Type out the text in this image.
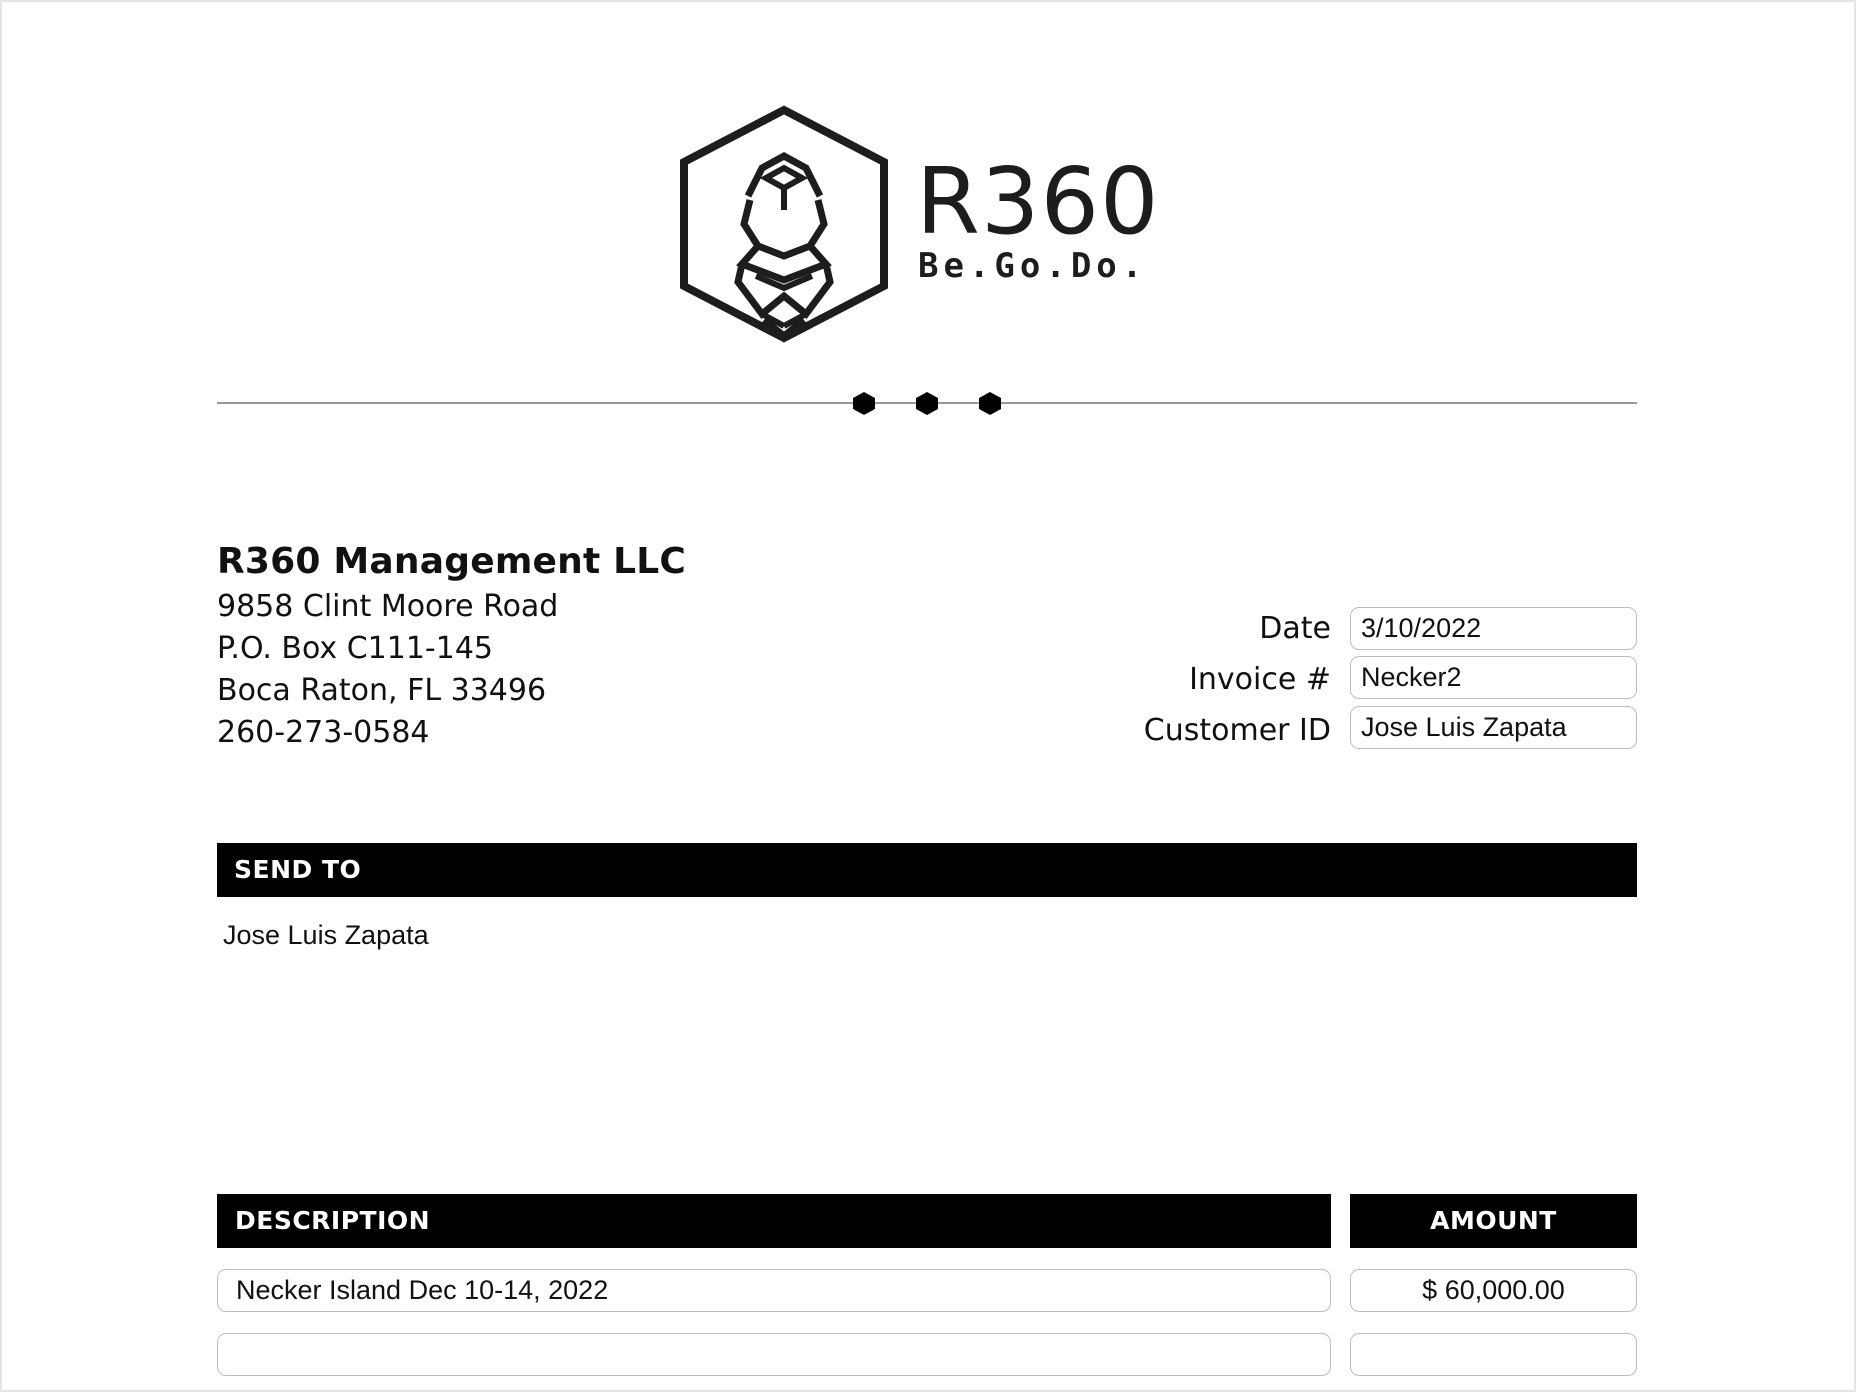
R360
Be.Go.Do.
R360 Management LLC
9858 Clint Moore Road
P.O. Box C111-145
Boca Raton, FL 33496
260-273-0584
Date	3/10/2022
Invoice #	Necker2
Customer ID	Jose Luis Zapata
SEND TO
Jose Luis Zapata
DESCRIPTION	AMOUNT
Necker Island Dec 10-14, 2022	$ 60,000.00
